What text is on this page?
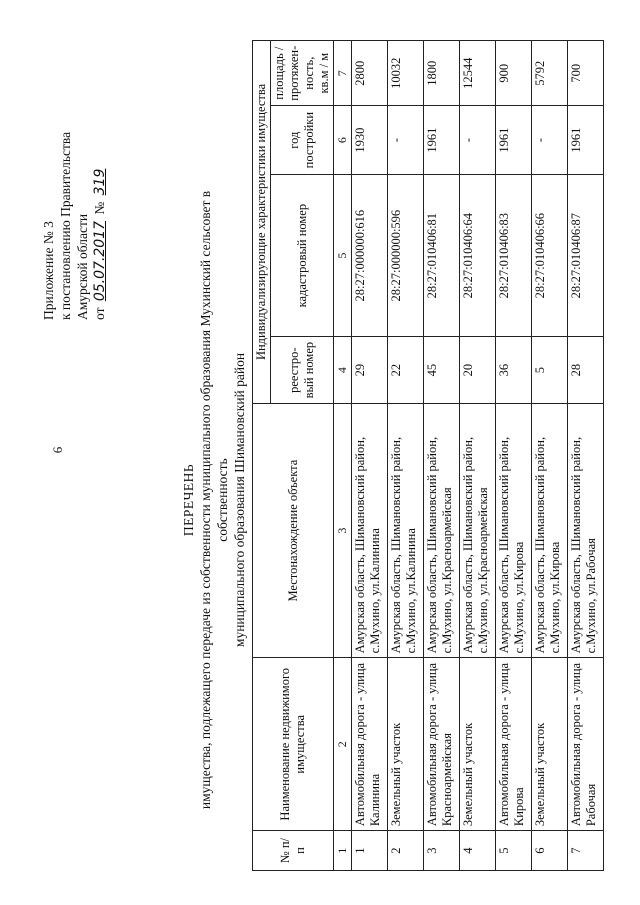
6
Приложение № 3 к постановлению Правительства Амурской области от 05.07.2017 № 319
ПЕРЕЧЕНЬ имущества, подлежащего передаче из собственности муниципального образования Мухинский сельсовет в собственность муниципального образования Шимановский район
№ п/п	Наименование недвижимого имущества	Местонахождение объекта	Индивидуализирующие характеристики имущества			
			реестро-вый номер	кадастровый номер	год постройки	площадь / протяжен-ность, кв.м / м
1	2	3	4	5	6	7
1	Автомобильная дорога - улица Калинина	Амурская область, Шимановский район, с.Мухино, ул.Калинина	29	28:27:000000:616	1930	2800
2	Земельный участок	Амурская область, Шимановский район, с.Мухино, ул.Калинина	22	28:27:000000:596	-	10032
3	Автомобильная дорога - улица Красноармейская	Амурская область, Шимановский район, с.Мухино, ул.Красноармейская	45	28:27:010406:81	1961	1800
4	Земельный участок	Амурская область, Шимановский район, с.Мухино, ул.Красноармейская	20	28:27:010406:64	-	12544
5	Автомобильная дорога - улица Кирова	Амурская область, Шимановский район, с.Мухино, ул.Кирова	36	28:27:010406:83	1961	900
6	Земельный участок	Амурская область, Шимановский район, с.Мухино, ул.Кирова	5	28:27:010406:66	-	5792
7	Автомобильная дорога - улица Рабочая	Амурская область, Шимановский район, с.Мухино, ул.Рабочая	28	28:27:010406:87	1961	700
